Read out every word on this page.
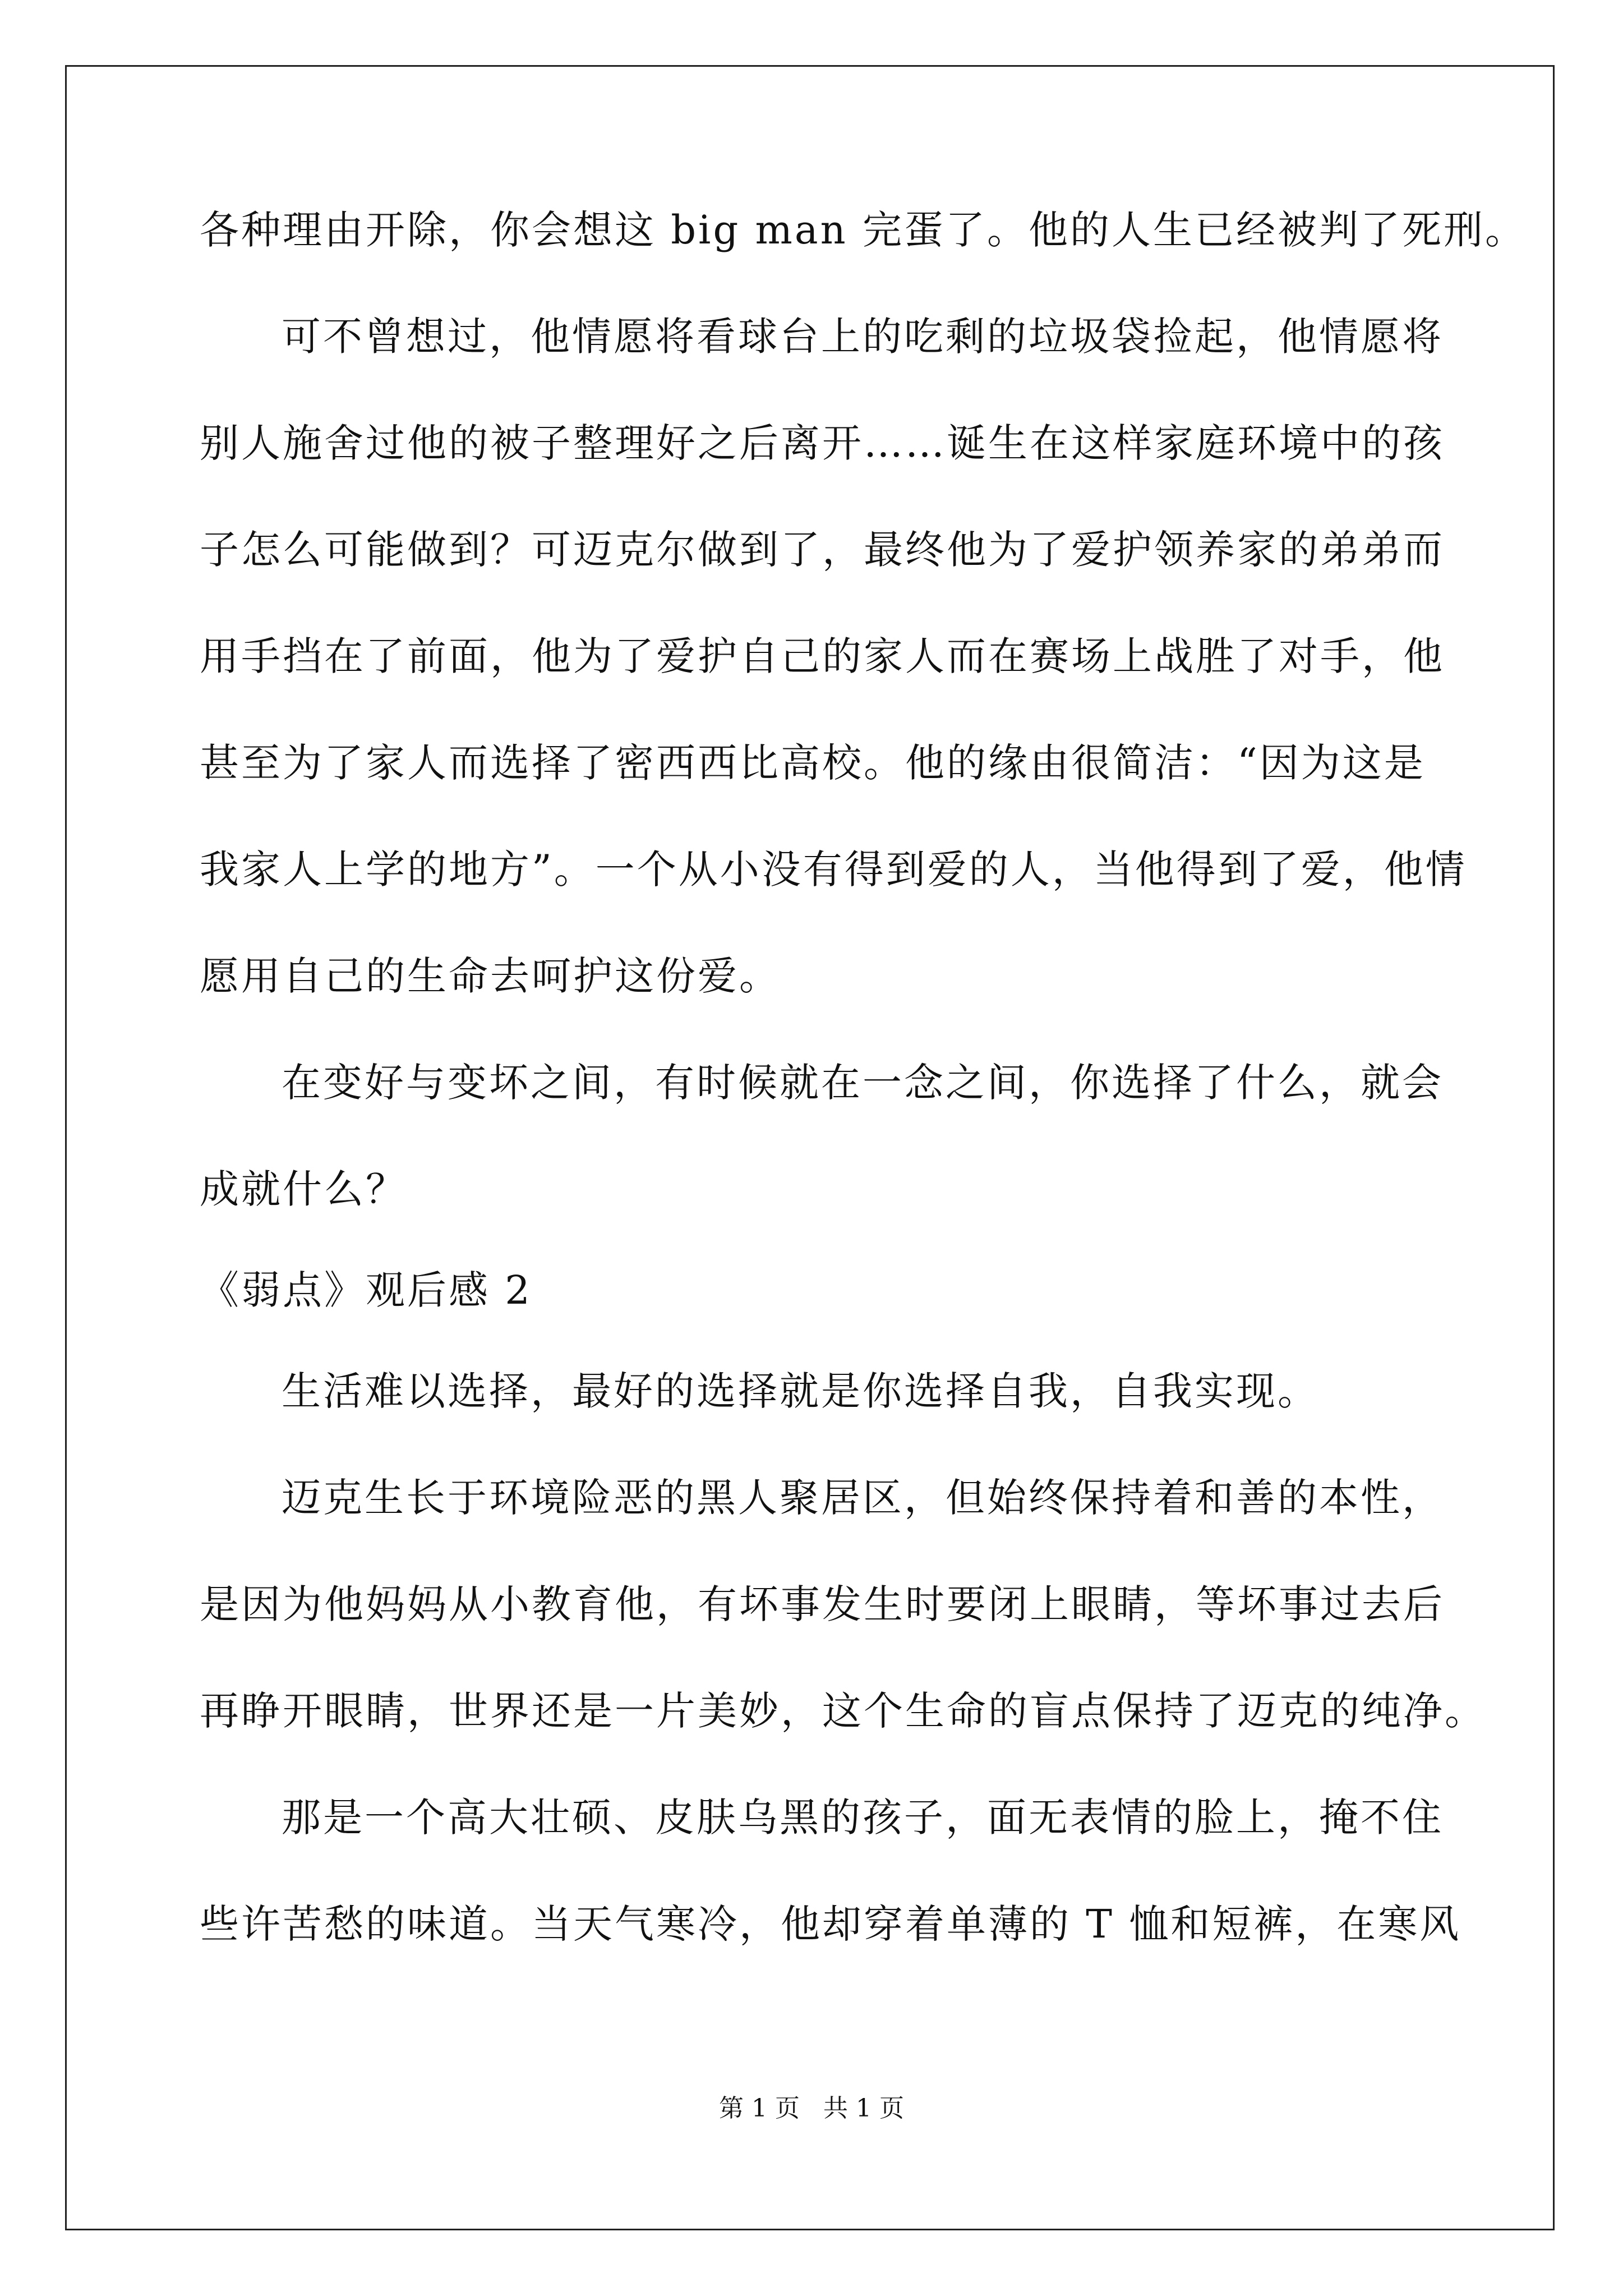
各种理由开除，你会想这 big man 完蛋了。他的人生已经被判了死刑。
可不曾想过，他情愿将看球台上的吃剩的垃圾袋捡起，他情愿将
别人施舍过他的被子整理好之后离开……诞生在这样家庭环境中的孩
子怎么可能做到？可迈克尔做到了，最终他为了爱护领养家的弟弟而
用手挡在了前面，他为了爱护自己的家人而在赛场上战胜了对手，他
甚至为了家人而选择了密西西比高校。他的缘由很简洁：“因为这是
我家人上学的地方”。一个从小没有得到爱的人，当他得到了爱，他情
愿用自己的生命去呵护这份爱。
在变好与变坏之间，有时候就在一念之间，你选择了什么，就会
成就什么？
《弱点》观后感 2
生活难以选择，最好的选择就是你选择自我，自我实现。
迈克生长于环境险恶的黑人聚居区，但始终保持着和善的本性，
是因为他妈妈从小教育他，有坏事发生时要闭上眼睛，等坏事过去后
再睁开眼睛，世界还是一片美妙，这个生命的盲点保持了迈克的纯净。
那是一个高大壮硕、皮肤乌黑的孩子，面无表情的脸上，掩不住
些许苦愁的味道。当天气寒冷，他却穿着单薄的 T 恤和短裤，在寒风
第 1 页 共 1 页
